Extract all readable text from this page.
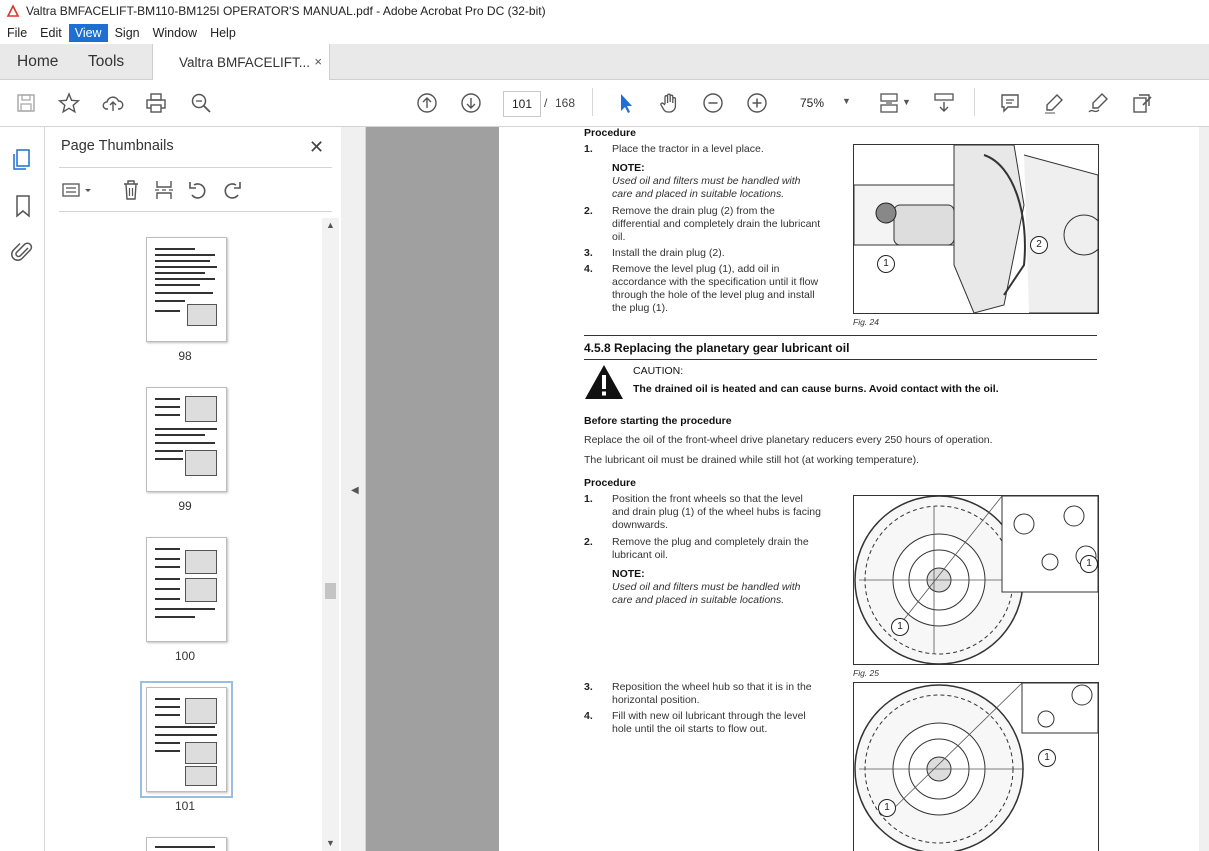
Valtra BMFACELIFT-BM110-BM125I OPERATOR'S MANUAL.pdf - Adobe Acrobat Pro DC (32-bit)
File	Edit	View	Sign	Window	Help
Home Tools	Valtra BMFACELIFT... ×
101 / 168	75% ▼	▼
Page Thumbnails	✕
98
99
100
101
▲
▼
◀
Procedure
1. Place the tractor in a level place.
NOTE:
Used oil and filters must be handled with
care and placed in suitable locations.
2. Remove the drain plug (2) from the
differential and completely drain the lubricant
oil.
3. Install the drain plug (2).
4. Remove the level plug (1), add oil in
accordance with the specification until it flow
through the hole of the level plug and install
the plug (1).
1
2
Fig. 24
4.5.8 Replacing the planetary gear lubricant oil
CAUTION:
The drained oil is heated and can cause burns. Avoid contact with the oil.
Before starting the procedure
Replace the oil of the front-wheel drive planetary reducers every 250 hours of operation.
The lubricant oil must be drained while still hot (at working temperature).
Procedure
1. Position the front wheels so that the level
and drain plug (1) of the wheel hubs is facing
downwards.
2. Remove the plug and completely drain the
lubricant oil.
NOTE:
Used oil and filters must be handled with
care and placed in suitable locations.
1
1
Fig. 25
3. Reposition the wheel hub so that it is in the
horizontal position.
4. Fill with new oil lubricant through the level
hole until the oil starts to flow out.
1
1
